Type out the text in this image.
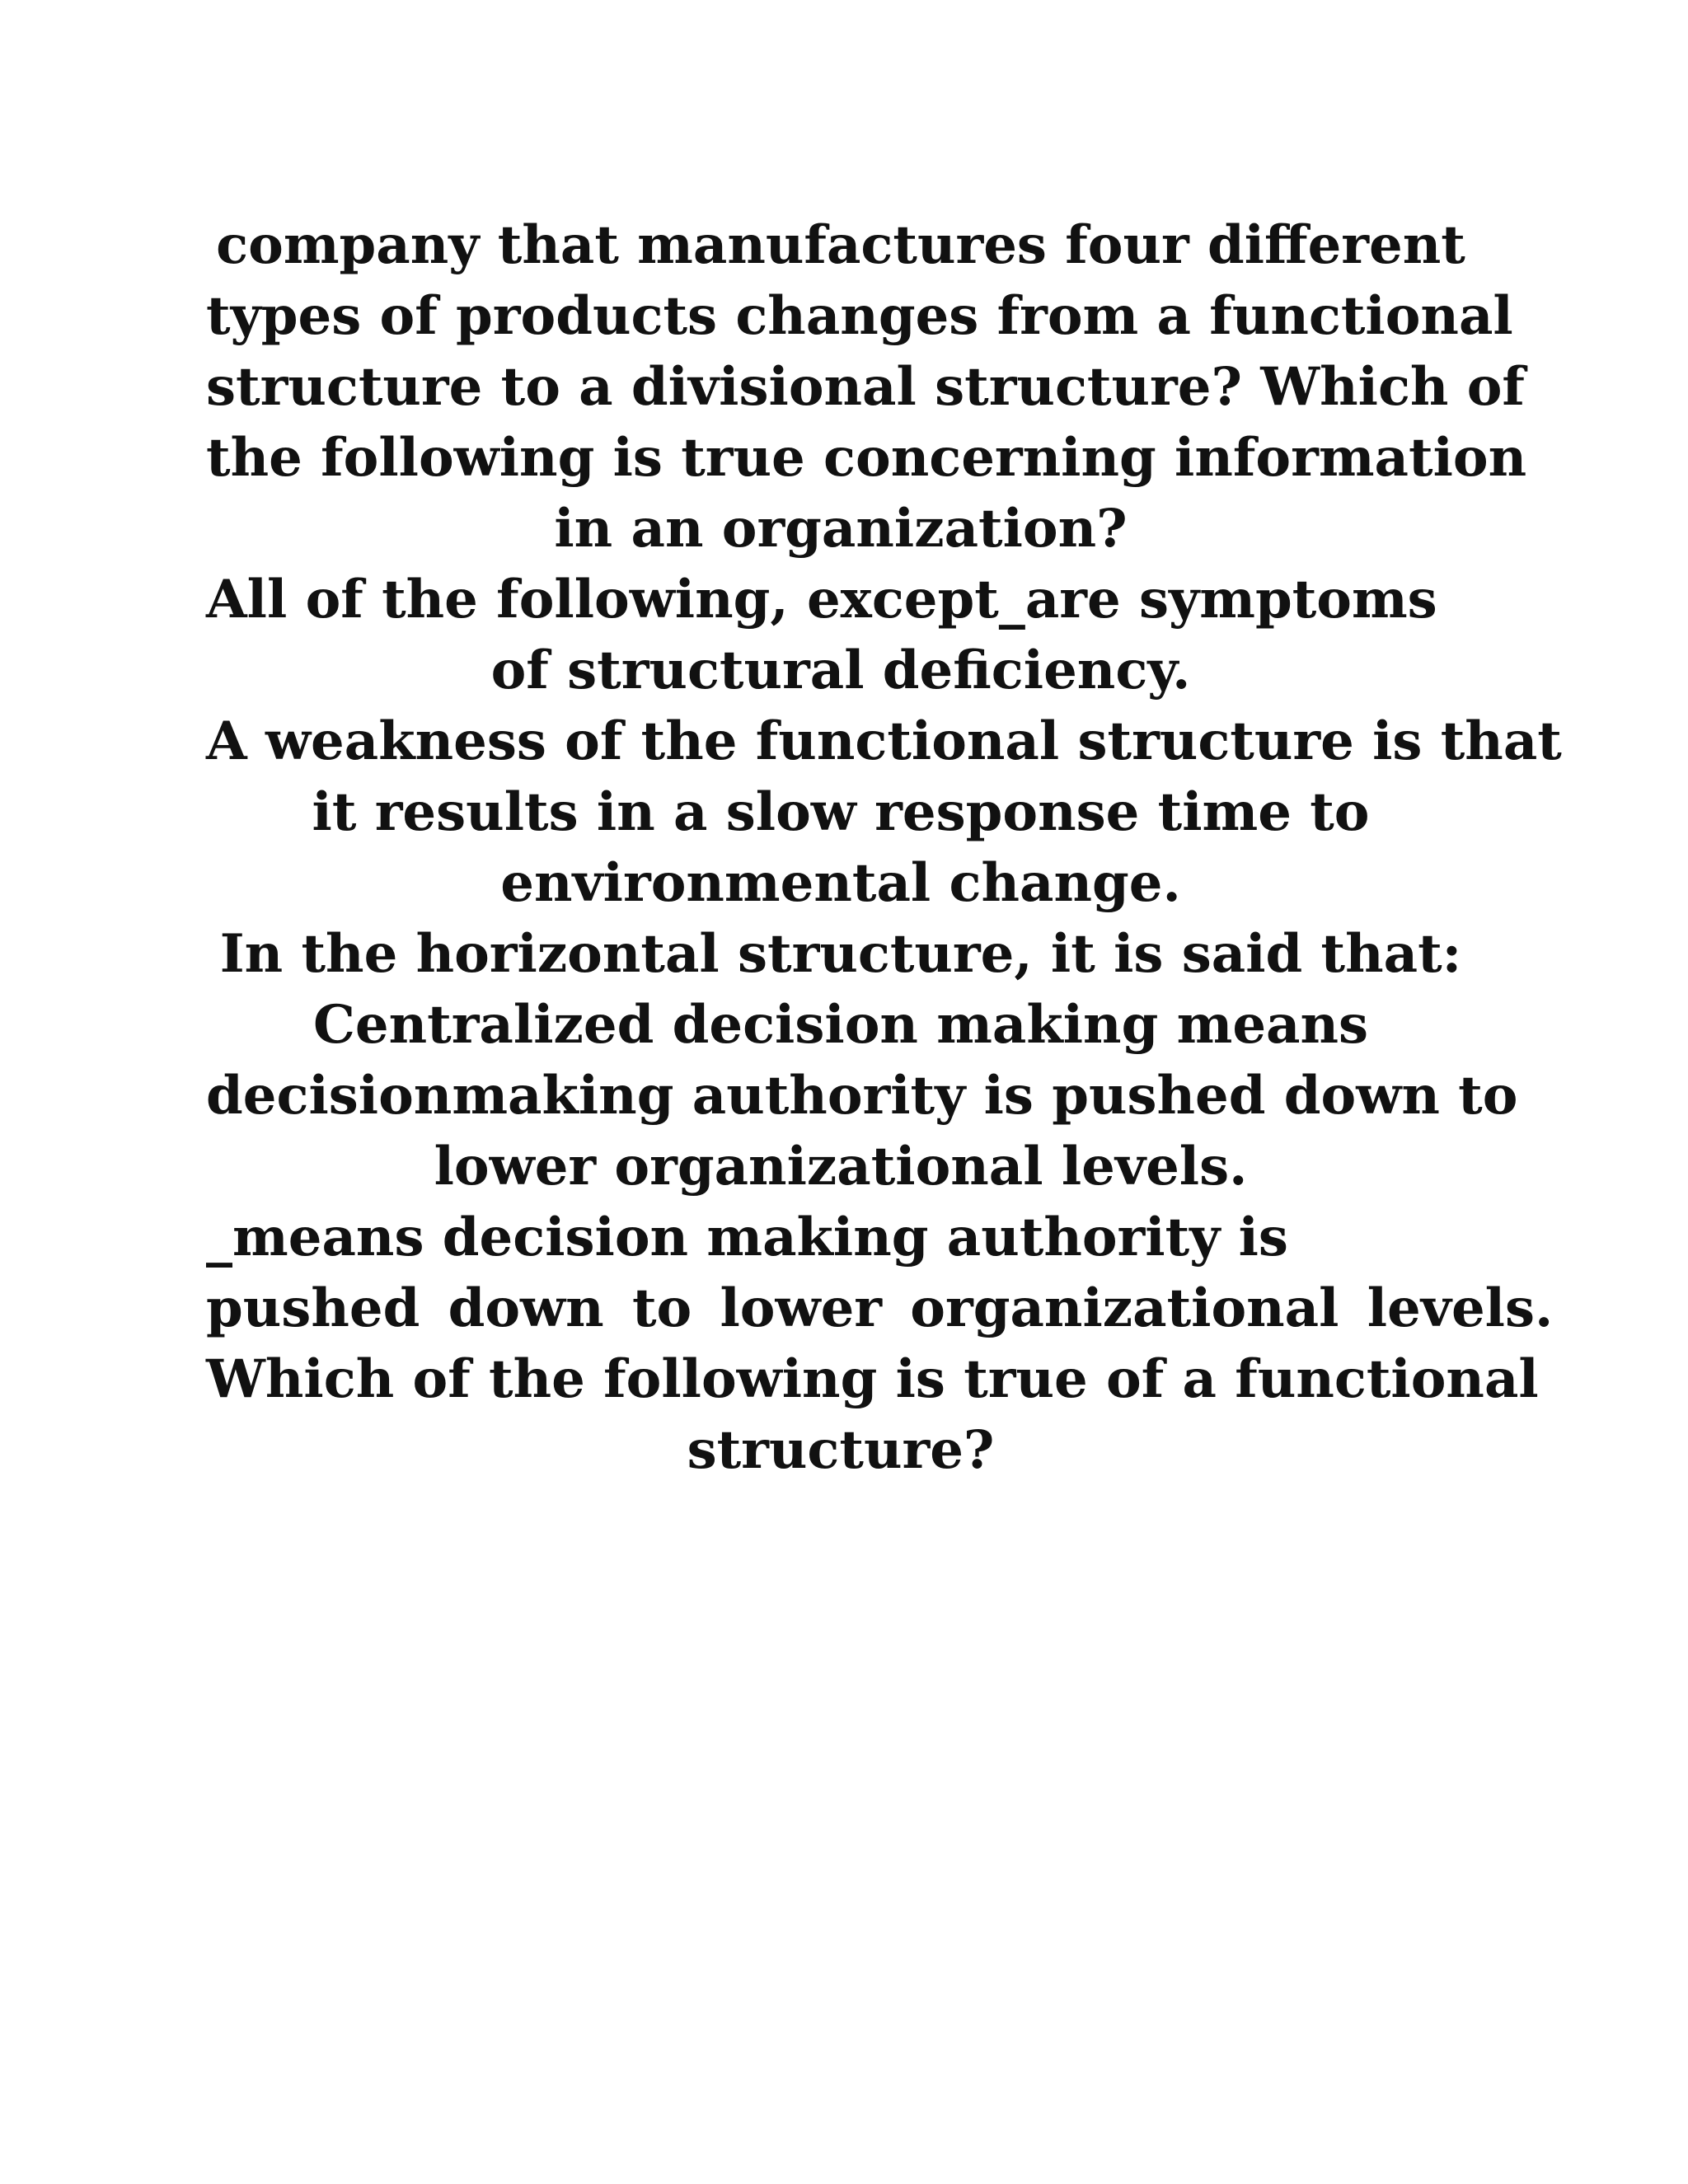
company that manufactures four different
types of products changes from a functional
structure to a divisional structure? Which of
the following is true concerning information
in an organization?
All of the following, except_are symptoms
of structural deficiency.
A weakness of the functional structure is that
it results in a slow response time to
environmental change.
In the horizontal structure, it is said that:
Centralized decision making means
decisionmaking authority is pushed down to
lower organizational levels.
_means decision making authority is
pushed down to lower organizational levels.
Which of the following is true of a functional
structure?
